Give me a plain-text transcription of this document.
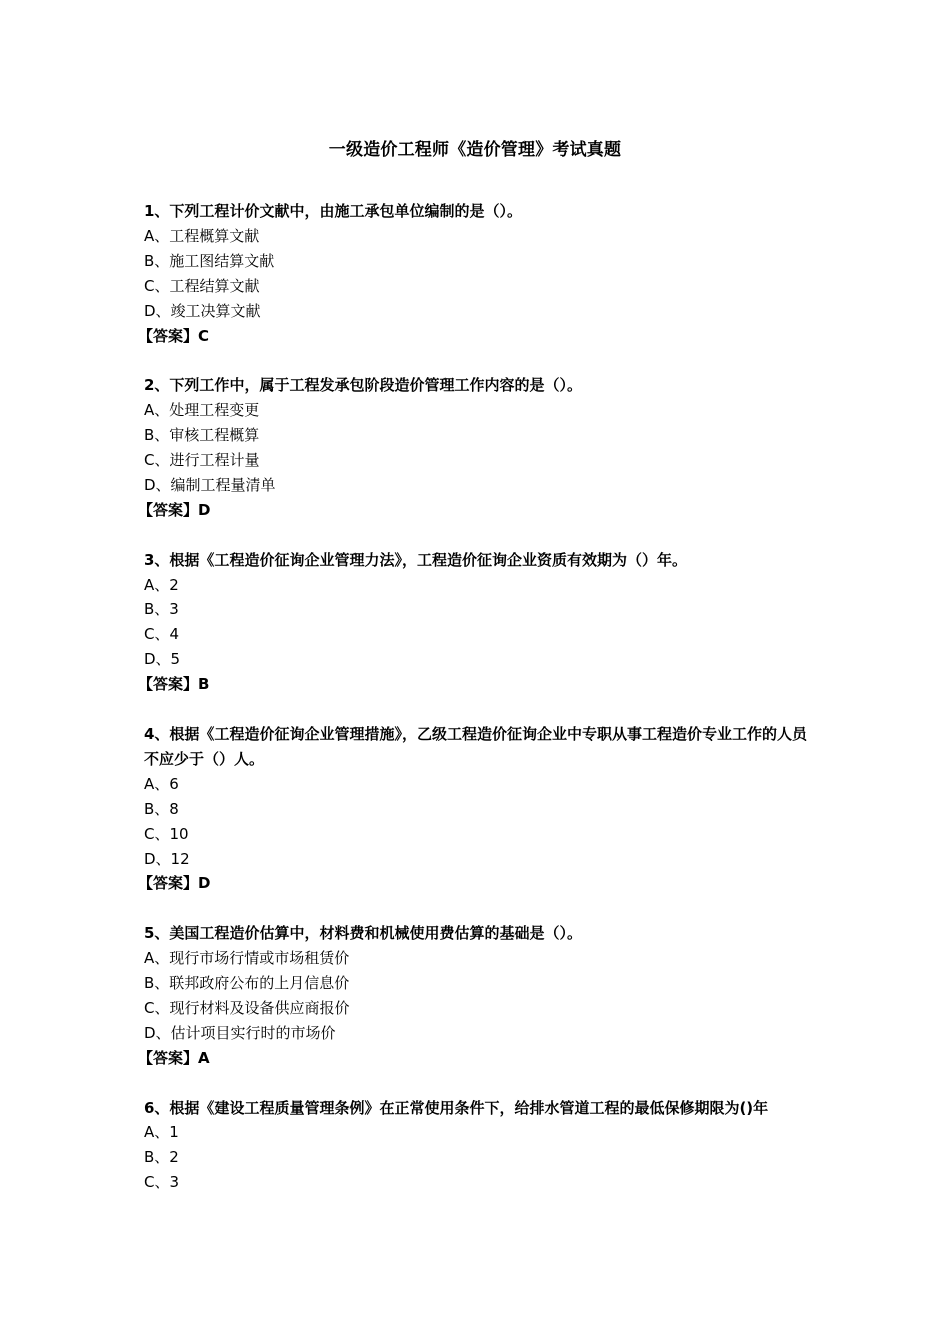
一级造价工程师《造价管理》考试真题

1、下列工程计价文献中，由施工承包单位编制的是（）。

A、工程概算文献

B、施工图结算文献

C、工程结算文献

D、竣工决算文献

【答案】C

2、下列工作中，属于工程发承包阶段造价管理工作内容的是（）。

A、处理工程变更

B、审核工程概算

C、进行工程计量

D、编制工程量清单

【答案】D

3、根据《工程造价征询企业管理力法》，工程造价征询企业资质有效期为（）年。

A、2

B、3

C、4

D、5

【答案】B

4、根据《工程造价征询企业管理措施》，乙级工程造价征询企业中专职从事工程造价专业工作的人员不应少于（）人。

A、6

B、8

C、10

D、12

【答案】D

5、美国工程造价估算中，材料费和机械使用费估算的基础是（）。

A、现行市场行情或市场租赁价

B、联邦政府公布的上月信息价

C、现行材料及设备供应商报价

D、估计项目实行时的市场价

【答案】A

6、根据《建设工程质量管理条例》在正常使用条件下，给排水管道工程的最低保修期限为()年

A、1

B、2

C、3
